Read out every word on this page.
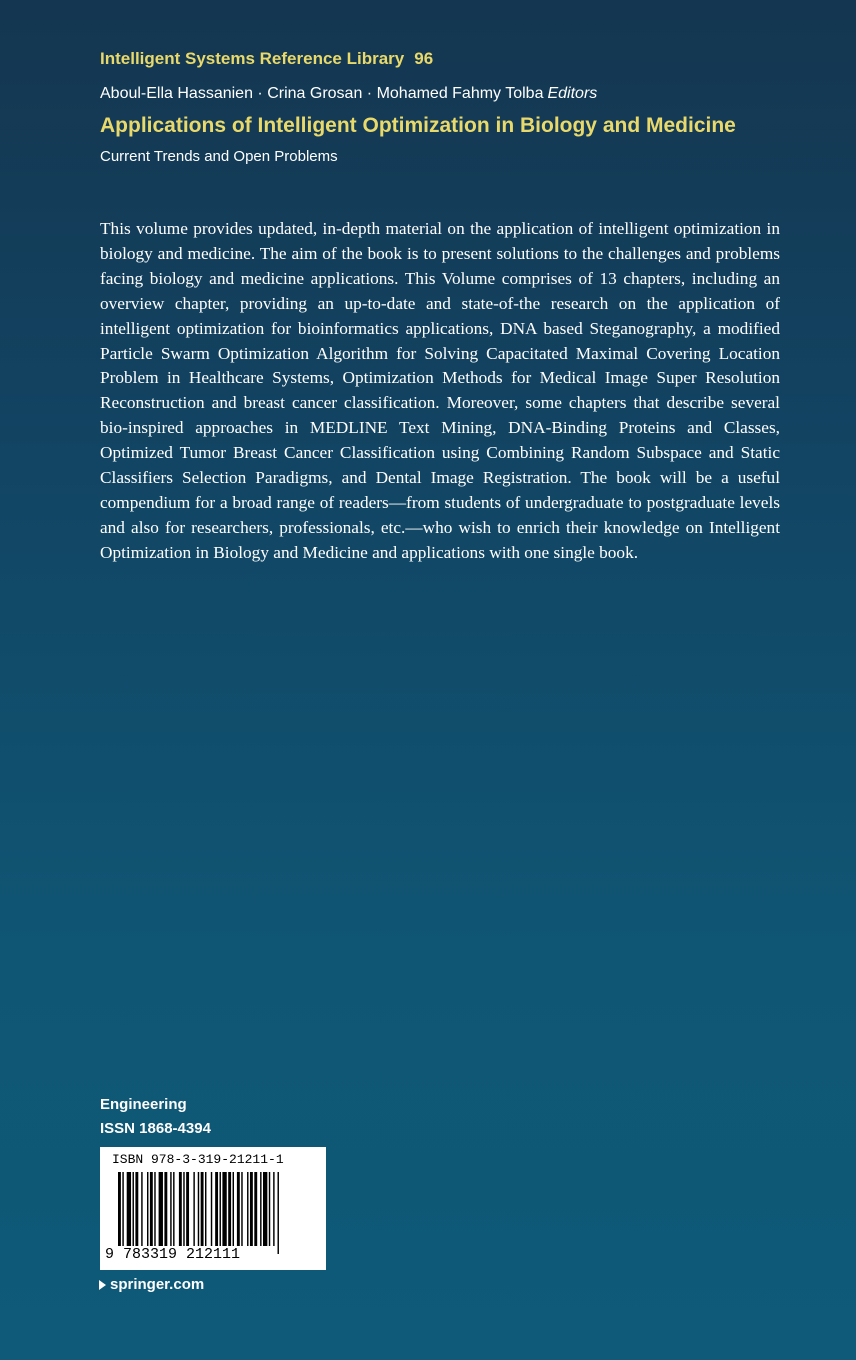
Intelligent Systems Reference Library 96
Aboul-Ella Hassanien · Crina Grosan · Mohamed Fahmy Tolba Editors
Applications of Intelligent Optimization in Biology and Medicine
Current Trends and Open Problems

This volume provides updated, in-depth material on the application of intelligent optimization in biology and medicine. The aim of the book is to present solutions to the challenges and problems facing biology and medicine applications. This Volume comprises of 13 chapters, including an overview chapter, providing an up-to-date and state-of-the research on the application of intelligent optimization for bioinformatics applications, DNA based Steganography, a modified Particle Swarm Optimization Algorithm for Solving Capacitated Maximal Covering Location Problem in Healthcare Systems, Optimization Methods for Medical Image Super Resolution Reconstruction and breast cancer classification. Moreover, some chapters that describe several bio-inspired approaches in MEDLINE Text Mining, DNA-Binding Proteins and Classes, Optimized Tumor Breast Cancer Classification using Combining Random Subspace and Static Classifiers Selection Paradigms, and Dental Image Registration. The book will be a useful compendium for a broad range of readers—from students of undergraduate to postgraduate levels and also for researchers, professionals, etc.—who wish to enrich their knowledge on Intelligent Optimization in Biology and Medicine and applications with one single book.

Engineering
ISSN 1868-4394
ISBN 978-3-319-21211-1
9 783319 212111
springer.com
